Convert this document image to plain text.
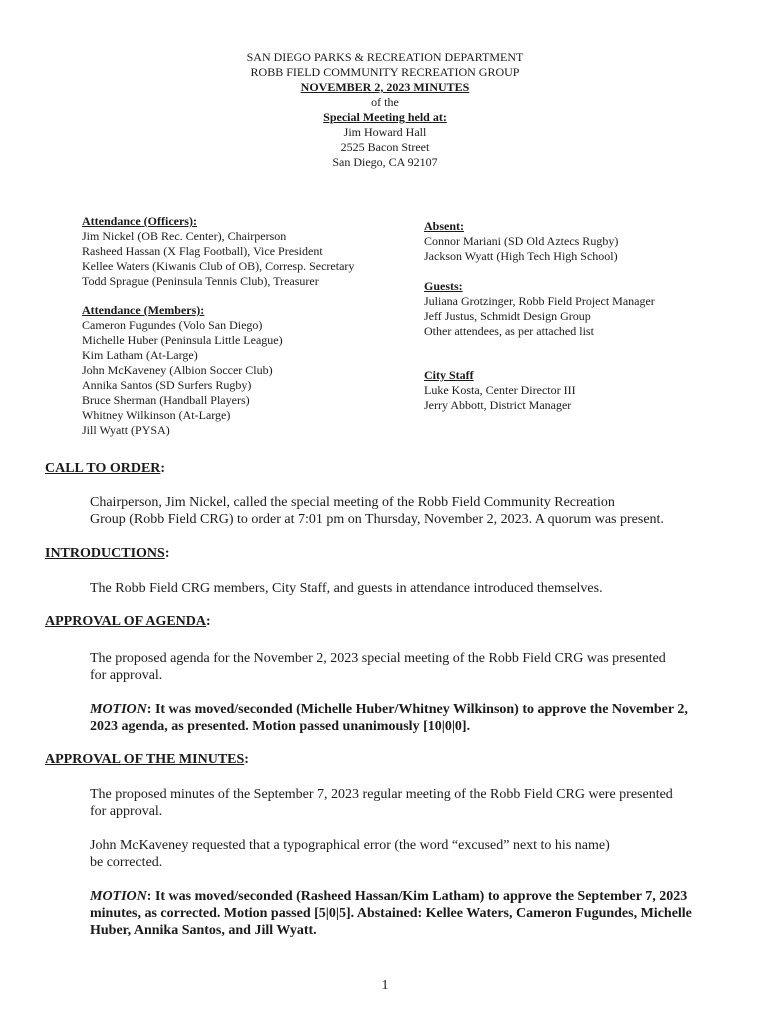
SAN DIEGO PARKS & RECREATION DEPARTMENT
ROBB FIELD COMMUNITY RECREATION GROUP
NOVEMBER 2, 2023 MINUTES
of the
Special Meeting held at:
Jim Howard Hall
2525 Bacon Street
San Diego, CA 92107
Attendance (Officers):
Jim Nickel (OB Rec. Center), Chairperson
Rasheed Hassan (X Flag Football), Vice President
Kellee Waters (Kiwanis Club of OB), Corresp. Secretary
Todd Sprague (Peninsula Tennis Club), Treasurer
Attendance (Members):
Cameron Fugundes (Volo San Diego)
Michelle Huber (Peninsula Little League)
Kim Latham (At-Large)
John McKaveney (Albion Soccer Club)
Annika Santos (SD Surfers Rugby)
Bruce Sherman (Handball Players)
Whitney Wilkinson (At-Large)
Jill Wyatt (PYSA)
Absent:
Connor Mariani (SD Old Aztecs Rugby)
Jackson Wyatt (High Tech High School)
Guests:
Juliana Grotzinger, Robb Field Project Manager
Jeff Justus, Schmidt Design Group
Other attendees, as per attached list
City Staff
Luke Kosta, Center Director III
Jerry Abbott, District Manager
CALL TO ORDER:
Chairperson, Jim Nickel, called the special meeting of the Robb Field Community Recreation
Group (Robb Field CRG) to order at 7:01 pm on Thursday, November 2, 2023. A quorum was present.
INTRODUCTIONS:
The Robb Field CRG members, City Staff, and guests in attendance introduced themselves.
APPROVAL OF AGENDA:
The proposed agenda for the November 2, 2023 special meeting of the Robb Field CRG was presented
for approval.
MOTION: It was moved/seconded (Michelle Huber/Whitney Wilkinson) to approve the November 2,
2023 agenda, as presented. Motion passed unanimously [10|0|0].
APPROVAL OF THE MINUTES:
The proposed minutes of the September 7, 2023 regular meeting of the Robb Field CRG were presented
for approval.
John McKaveney requested that a typographical error (the word “excused” next to his name)
be corrected.
MOTION: It was moved/seconded (Rasheed Hassan/Kim Latham) to approve the September 7, 2023
minutes, as corrected. Motion passed [5|0|5]. Abstained: Kellee Waters, Cameron Fugundes, Michelle
Huber, Annika Santos, and Jill Wyatt.
1
